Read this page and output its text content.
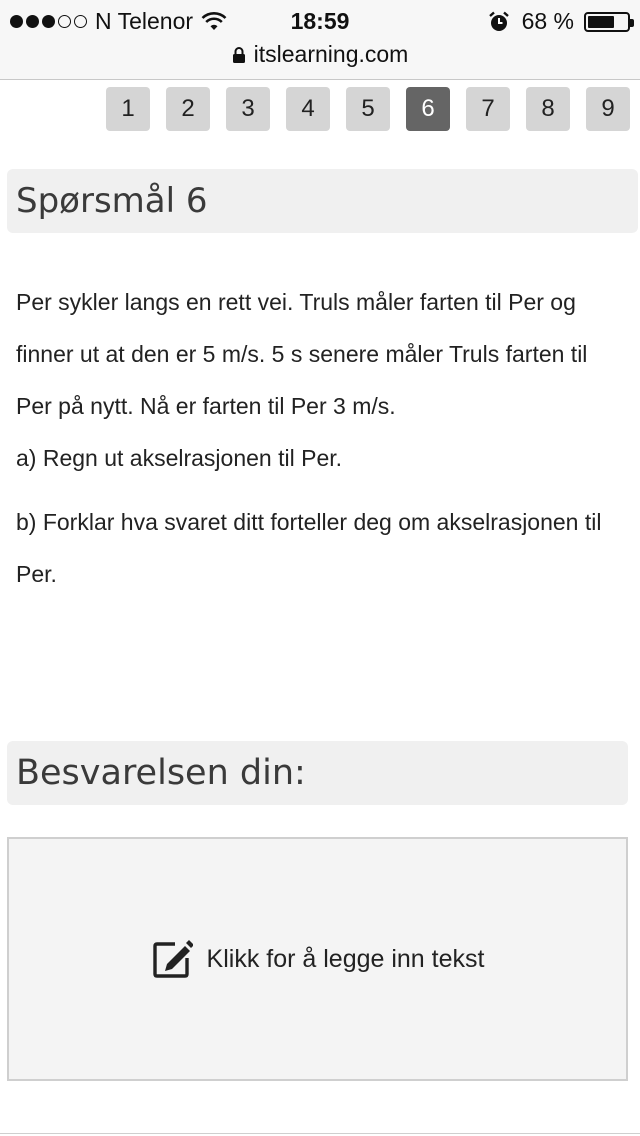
N Telenor	18:59	68 %
itslearning.com
1	2	3	4	5	6	7	8	9
Spørsmål 6

Per sykler langs en rett vei. Truls måler farten til Per og finner ut at den er 5 m/s. 5 s senere måler Truls farten til Per på nytt. Nå er farten til Per 3 m/s.

a) Regn ut akselrasjonen til Per.

b) Forklar hva svaret ditt forteller deg om akselrasjonen til Per.

Besvarelsen din:
Klikk for å legge inn tekst
